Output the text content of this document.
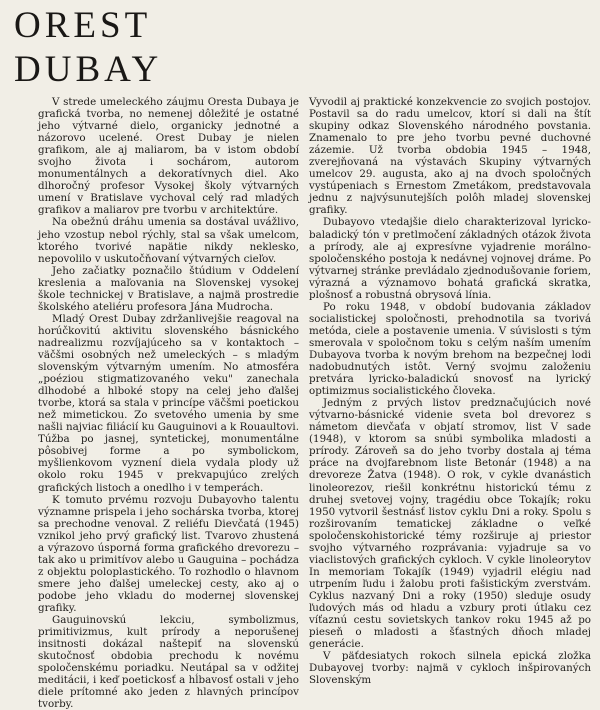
OREST
DUBAY

V strede umeleckého záujmu Oresta Dubaya je grafická tvorba, no nemenej dôležité je ostatné jeho výtvarné dielo, organicky jednotné a názorovo ucelené. Orest Dubay je nielen grafikom, ale aj maliarom, ba v istom období svojho života i sochárom, autorom monumentálnych a dekoratívnych diel. Ako dlhoročný profesor Vysokej školy výtvarných umení v Bratislave vychoval celý rad mladých grafikov a maliarov pre tvorbu v architektúre.

Na obežnú dráhu umenia sa dostával uvážlivo, jeho vzostup nebol rýchly, stal sa však umelcom, ktorého tvorivé napätie nikdy neklesko, nepovolilo v uskutočňovaní výtvarných cieľov.

Jeho začiatky poznačilo štúdium v Oddelení kreslenia a maľovania na Slovenskej vysokej škole technickej v Bratislave, a najmä prostredie školského ateliéru profesora Jána Mudrocha.

Mladý Orest Dubay zdržanlivejšie reagoval na horúčkovitú aktivitu slovenského básnického nadrealizmu rozvíjajúceho sa v kontaktoch – väčšmi osobných než umeleckých – s mladým slovenským výtvarným umením. No atmosféra „poéziou stigmatizovaného veku" zanechala dlhodobé a hlboké stopy na celej jeho ďalšej tvorbe, ktorá sa stala v princípe väčšmi poetickou než mimetickou. Zo svetového umenia by sme našli najviac filiácií ku Gauguinovi a k Rouaultovi. Túžba po jasnej, syntetickej, monumentálne pôsobivej forme a po symbolickom, myšlienkovom vyznení diela vydala plody už okolo roku 1945 v prekvapujúco zrelých grafických listoch a onedlho i v temperách.

K tomuto prvému rozvoju Dubayovho talentu významne prispela i jeho sochárska tvorba, ktorej sa prechodne venoval. Z reliéfu Dievčatá (1945) vznikol jeho prvý grafický list. Tvarovo zhustená a výrazovo úsporná forma grafického drevorezu – tak ako u primitívov alebo u Gauguina – pochádza z objektu poloplastického. To rozhodlo o hlavnom smere jeho ďalšej umeleckej cesty, ako aj o podobe jeho vkladu do modernej slovenskej grafiky.

Gauguinovskú lekciu, symbolizmus, primitivizmus, kult prírody a neporušenej insitnosti dokázal naštepiť na slovenskú skutočnosť obdobia prechodu k novému spoločenskému poriadku. Neutápal sa v odžitej meditácii, i keď poetickosť a hĺbavosť ostali v jeho diele prítomné ako jeden z hlavných princípov tvorby.

Vyvodil aj praktické konzekvencie zo svojich postojov. Postavil sa do radu umelcov, ktorí si dali na štít skupiny odkaz Slovenského národného povstania. Znamenalo to pre jeho tvorbu pevné duchovné zázemie. Už tvorba obdobia 1945 – 1948, zverejňovaná na výstavách Skupiny výtvarných umelcov 29. augusta, ako aj na dvoch spoločných vystúpeniach s Ernestom Zmetákom, predstavovala jednu z najvýsunutejších polôh mladej slovenskej grafiky.

Dubayovo vtedajšie dielo charakterizoval lyricko-baladický tón v pretlmočení základných otázok života a prírody, ale aj expresívne vyjadrenie morálno-spoločenského postoja k nedávnej vojnovej dráme. Po výtvarnej stránke prevládalo zjednodušovanie foriem, výrazná a významovo bohatá grafická skratka, plošnosť a robustná obrysová línia.

Po roku 1948, v období budovania základov socialistickej spoločnosti, prehodnotila sa tvorivá metóda, ciele a postavenie umenia. V súvislosti s tým smerovala v spoločnom toku s celým naším umením Dubayova tvorba k novým brehom na bezpečnej lodi nadobudnutých istôt. Verný svojmu založeniu pretvára lyricko-baladickú snovosť na lyrický optimizmus socialistického človeka.

Jedným z prvých listov predznačujúcich nové výtvarno-básnické videnie sveta bol drevorez s námetom dievčaťa v objatí stromov, list V sade (1948), v ktorom sa snúbi symbolika mladosti a prírody. Zároveň sa do jeho tvorby dostala aj téma práce na dvojfarebnom liste Betonár (1948) a na drevoreze Žatva (1948). O rok, v cykle dvanástich linoleorezov, riešil konkrétnu historickú tému z druhej svetovej vojny, tragédiu obce Tokajík; roku 1950 vytvoril šestnásť listov cyklu Dni a roky. Spolu s rozširovaním tematickej základne o veľké spoločenskohistorické témy rozširuje aj priestor svojho výtvarného rozprávania: vyjadruje sa vo viaclistových grafických cykloch. V cykle linoleorytov In memoriam Tokajík (1949) vyjadril elégiu nad utrpením ľudu i žalobu proti fašistickým zverstvám. Cyklus nazvaný Dni a roky (1950) sleduje osudy ľudových más od hladu a vzbury proti útlaku cez víťaznú cestu sovietskych tankov roku 1945 až po pieseň o mladosti a šťastných dňoch mladej generácie.

V päťdesiatych rokoch silnela epická zložka Dubayovej tvorby: najmä v cykloch inšpirovaných Slovenským
